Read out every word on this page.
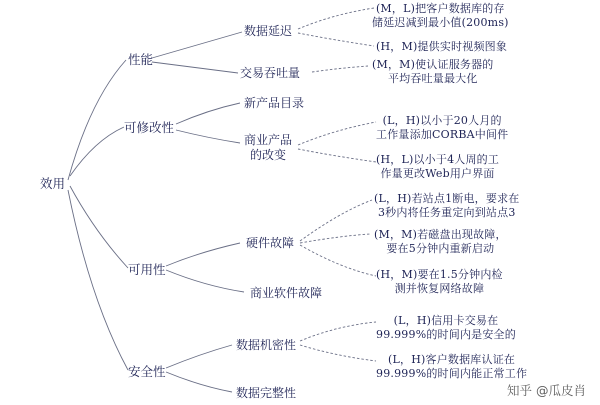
效用
性能
可修改性
可用性
安全性
数据延迟
交易吞吐量
新产品目录
商业产品
的改变
硬件故障
商业软件故障
数据机密性
数据完整性
(M，L)把客户数据库的存
储延迟减到最小值(200ms)
(H，M)提供实时视频图象
(M，M)使认证服务器的
平均吞吐量最大化
(L，H)以小于20人月的
工作量添加CORBA中间件
(H，L)以小于4人周的工
作量更改Web用户界面
(L，H)若站点1断电，要求在
3秒内将任务重定向到站点3
(M，M)若磁盘出现故障，
要在5分钟内重新启动
(H，M)要在1.5分钟内检
测并恢复网络故障
(L，H)信用卡交易在
99.999%的时间内是安全的
(L，H)客户数据库认证在
99.999%的时间内能正常工作
知乎 @瓜皮肖
